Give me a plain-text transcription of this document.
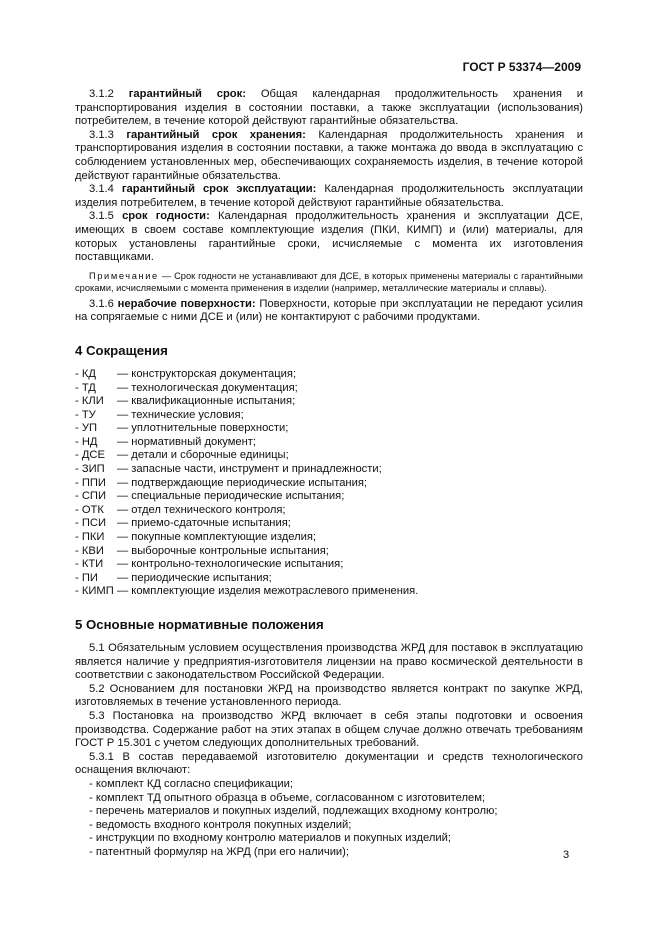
ГОСТ Р 53374—2009

3.1.2 гарантийный срок: Общая календарная продолжительность хранения и транспортирования изделия в состоянии поставки, а также эксплуатации (использования) потребителем, в течение которой действуют гарантийные обязательства.

3.1.3 гарантийный срок хранения: Календарная продолжительность хранения и транспортирования изделия в состоянии поставки, а также монтажа до ввода в эксплуатацию с соблюдением установленных мер, обеспечивающих сохраняемость изделия, в течение которой действуют гарантийные обязательства.

3.1.4 гарантийный срок эксплуатации: Календарная продолжительность эксплуатации изделия потребителем, в течение которой действуют гарантийные обязательства.

3.1.5 срок годности: Календарная продолжительность хранения и эксплуатации ДСЕ, имеющих в своем составе комплектующие изделия (ПКИ, КИМП) и (или) материалы, для которых установлены гарантийные сроки, исчисляемые с момента их изготовления поставщиками.

Примечание — Срок годности не устанавливают для ДСЕ, в которых применены материалы с гарантийными сроками, исчисляемыми с момента применения в изделии (например, металлические материалы и сплавы).

3.1.6 нерабочие поверхности: Поверхности, которые при эксплуатации не передают усилия на сопрягаемые с ними ДСЕ и (или) не контактируют с рабочими продуктами.

4 Сокращения
- КД	— конструкторская документация;
- ТД	— технологическая документация;
- КЛИ	— квалификационные испытания;
- ТУ	— технические условия;
- УП	— уплотнительные поверхности;
- НД	— нормативный документ;
- ДСЕ	— детали и сборочные единицы;
- ЗИП	— запасные части, инструмент и принадлежности;
- ППИ — подтверждающие периодические испытания;
- СПИ — специальные периодические испытания;
- ОТК	— отдел технического контроля;
- ПСИ — приемо-сдаточные испытания;
- ПКИ	— покупные комплектующие изделия;
- КВИ	— выборочные контрольные испытания;
- КТИ	— контрольно-технологические испытания;
- ПИ	— периодические испытания;
- КИМП — комплектующие изделия межотраслевого применения.
5 Основные нормативные положения

5.1 Обязательным условием осуществления производства ЖРД для поставок в эксплуатацию является наличие у предприятия-изготовителя лицензии на право космической деятельности в соответствии с законодательством Российской Федерации.

5.2 Основанием для постановки ЖРД на производство является контракт по закупке ЖРД, изготовляемых в течение установленного периода.

5.3 Постановка на производство ЖРД включает в себя этапы подготовки и освоения производства. Содержание работ на этих этапах в общем случае должно отвечать требованиям ГОСТ Р 15.301 с учетом следующих дополнительных требований.

5.3.1 В состав передаваемой изготовителю документации и средств технологического оснащения включают:

- комплект КД согласно спецификации;

- комплект ТД опытного образца в объеме, согласованном с изготовителем;

- перечень материалов и покупных изделий, подлежащих входному контролю;

- ведомость входного контроля покупных изделий;

- инструкции по входному контролю материалов и покупных изделий;

- патентный формуляр на ЖРД (при его наличии);	3
